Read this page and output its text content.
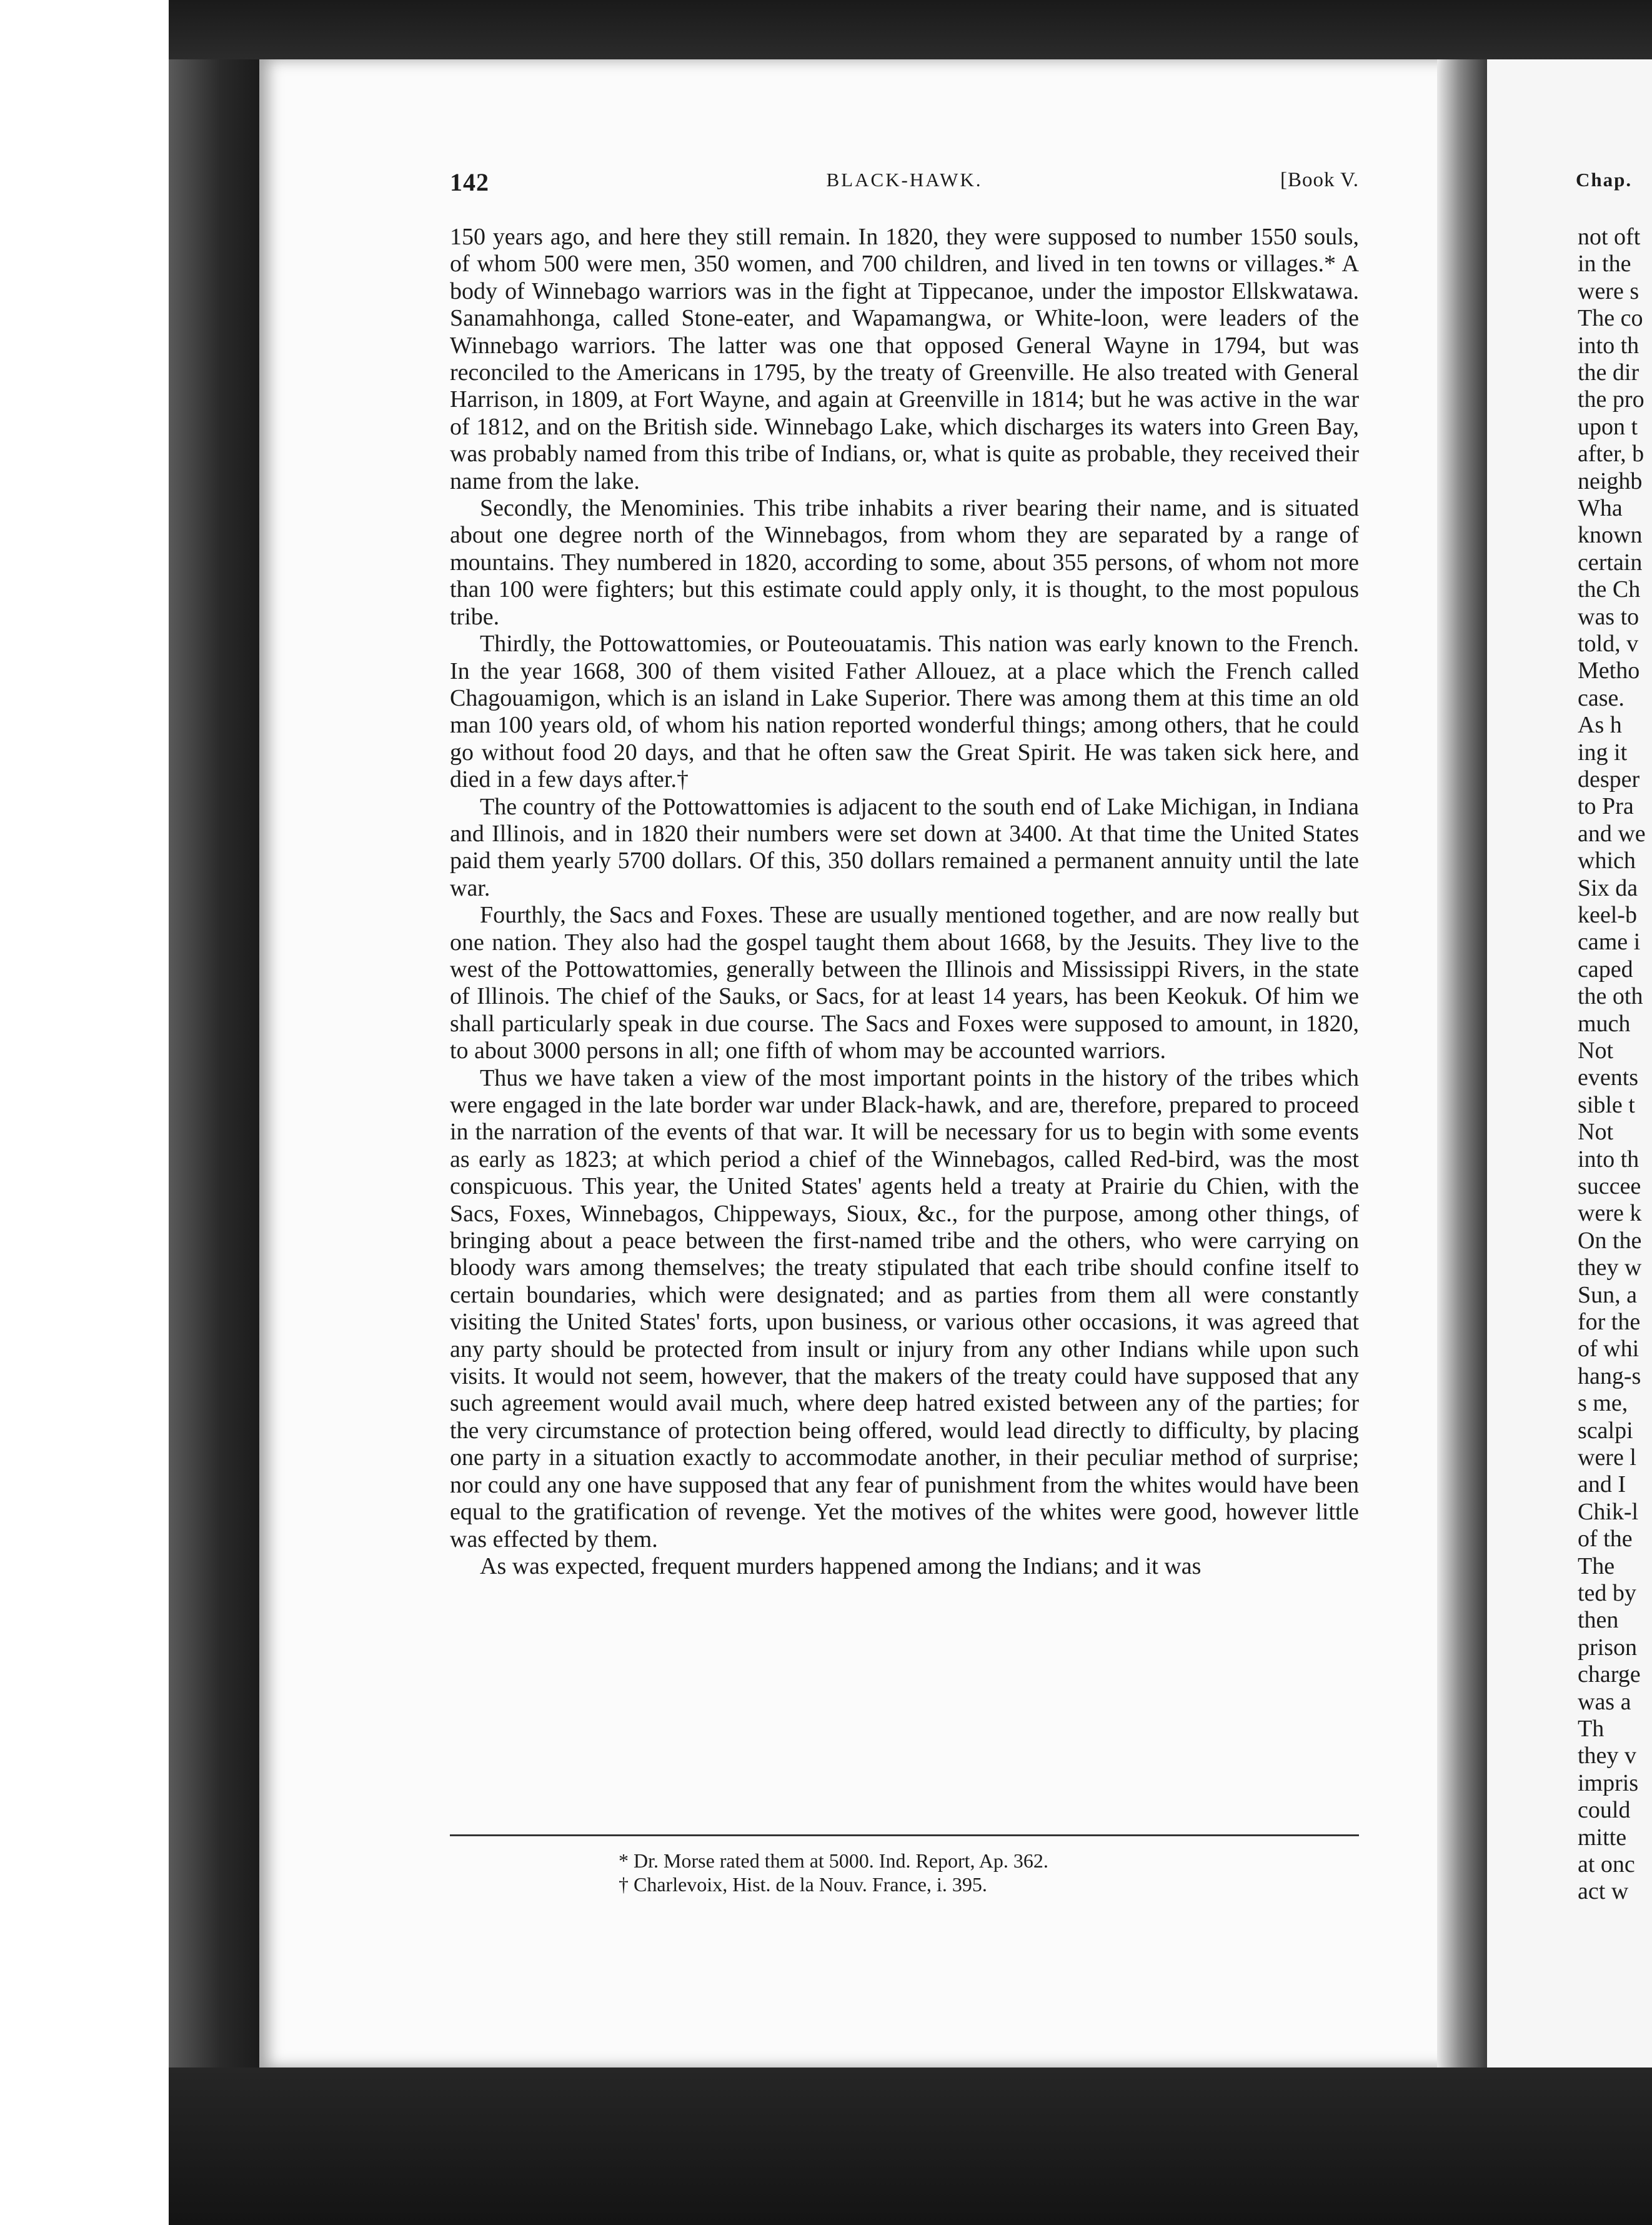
142	BLACK-HAWK.	[Book V.

150 years ago, and here they still remain. In 1820, they were supposed to number 1550 souls, of whom 500 were men, 350 women, and 700 children, and lived in ten towns or villages.* A body of Winnebago warriors was in the fight at Tippecanoe, under the impostor Ellskwatawa. Sanamahhonga, called Stone-eater, and Wapamangwa, or White-loon, were leaders of the Winnebago warriors. The latter was one that opposed General Wayne in 1794, but was reconciled to the Americans in 1795, by the treaty of Greenville. He also treated with General Harrison, in 1809, at Fort Wayne, and again at Greenville in 1814; but he was active in the war of 1812, and on the British side. Winnebago Lake, which discharges its waters into Green Bay, was probably named from this tribe of Indians, or, what is quite as probable, they received their name from the lake.

Secondly, the Menominies. This tribe inhabits a river bearing their name, and is situated about one degree north of the Winnebagos, from whom they are separated by a range of mountains. They numbered in 1820, according to some, about 355 persons, of whom not more than 100 were fighters; but this estimate could apply only, it is thought, to the most populous tribe.

Thirdly, the Pottowattomies, or Pouteouatamis. This nation was early known to the French. In the year 1668, 300 of them visited Father Allouez, at a place which the French called Chagouamigon, which is an island in Lake Superior. There was among them at this time an old man 100 years old, of whom his nation reported wonderful things; among others, that he could go without food 20 days, and that he often saw the Great Spirit. He was taken sick here, and died in a few days after.†

The country of the Pottowattomies is adjacent to the south end of Lake Michigan, in Indiana and Illinois, and in 1820 their numbers were set down at 3400. At that time the United States paid them yearly 5700 dollars. Of this, 350 dollars remained a permanent annuity until the late war.

Fourthly, the Sacs and Foxes. These are usually mentioned together, and are now really but one nation. They also had the gospel taught them about 1668, by the Jesuits. They live to the west of the Pottowattomies, generally between the Illinois and Mississippi Rivers, in the state of Illinois. The chief of the Sauks, or Sacs, for at least 14 years, has been Keokuk. Of him we shall particularly speak in due course. The Sacs and Foxes were supposed to amount, in 1820, to about 3000 persons in all; one fifth of whom may be accounted warriors.

Thus we have taken a view of the most important points in the history of the tribes which were engaged in the late border war under Black-hawk, and are, therefore, prepared to proceed in the narration of the events of that war. It will be necessary for us to begin with some events as early as 1823; at which period a chief of the Winnebagos, called Red-bird, was the most conspicuous. This year, the United States' agents held a treaty at Prairie du Chien, with the Sacs, Foxes, Winnebagos, Chippeways, Sioux, &c., for the purpose, among other things, of bringing about a peace between the first-named tribe and the others, who were carrying on bloody wars among themselves; the treaty stipulated that each tribe should confine itself to certain boundaries, which were designated; and as parties from them all were constantly visiting the United States' forts, upon business, or various other occasions, it was agreed that any party should be protected from insult or injury from any other Indians while upon such visits. It would not seem, however, that the makers of the treaty could have supposed that any such agreement would avail much, where deep hatred existed between any of the parties; for the very circumstance of protection being offered, would lead directly to difficulty, by placing one party in a situation exactly to accommodate another, in their peculiar method of surprise; nor could any one have supposed that any fear of punishment from the whites would have been equal to the gratification of revenge. Yet the motives of the whites were good, however little was effected by them.

As was expected, frequent murders happened among the Indians; and it was

* Dr. Morse rated them at 5000. Ind. Report, Ap. 362.
† Charlevoix, Hist. de la Nouv. France, i. 395.
Chap.
not oft
in the
were s
The co
into th
the dir
the pro
upon t
after, b
neighb
Wha
known
certain
the Ch
was to
told, v
Metho
case.
As h
ing it
desper
to Pra
and we
which
Six da
keel-b
came i
caped
the oth
much
Not
events
sible t
Not
into th
succee
were k
On the
they w
Sun, a
for the
of whi
hang-s
s me,
scalpi
were l
and I
Chik-l
of the
The
ted by
then
prison
charge
was a
Th
they v
impris
could
mitte
at onc
act w
